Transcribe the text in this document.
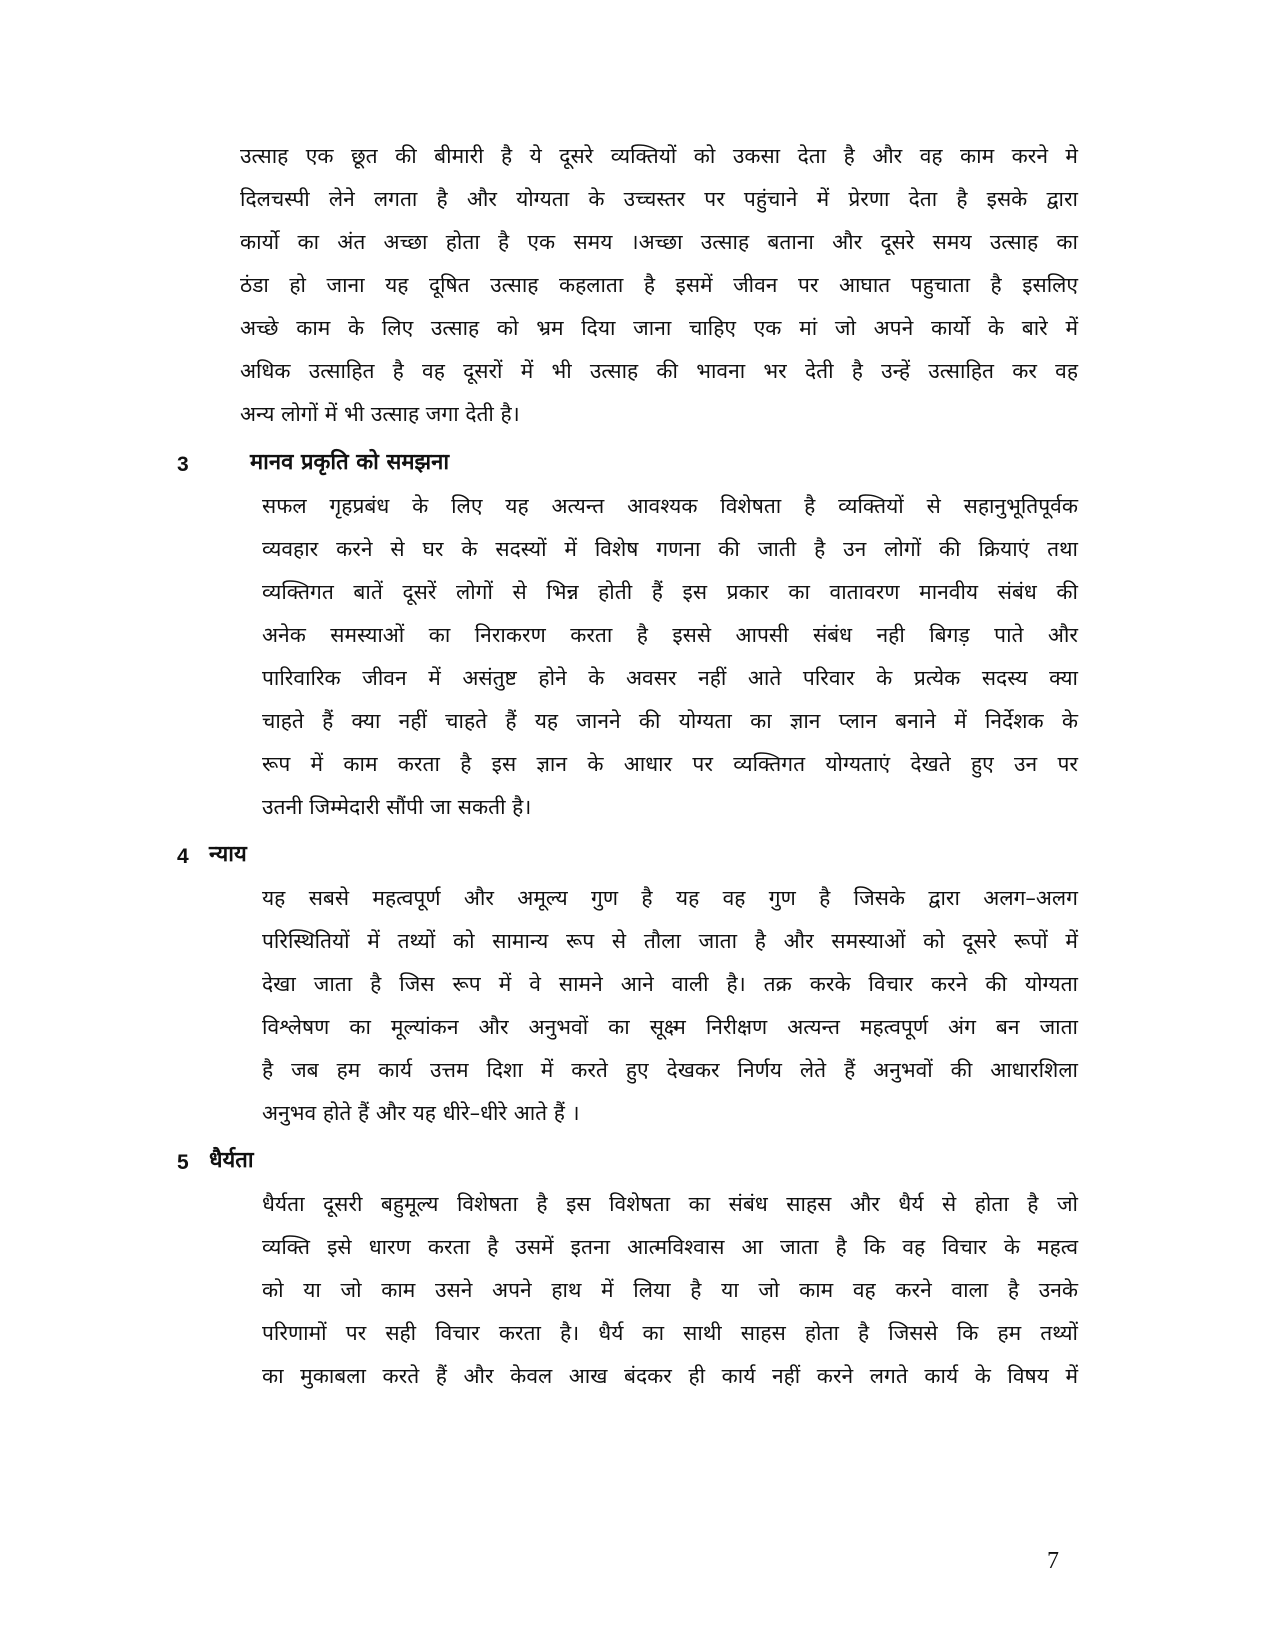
उत्साह एक छूत की बीमारी है ये दूसरे व्यक्तियों को उकसा देता है और वह काम करने मे
दिलचस्पी लेने लगता है और योग्यता के उच्चस्तर पर पहुंचाने में प्रेरणा देता है इसके द्वारा
कार्यो का अंत अच्छा होता है एक समय ।अच्छा उत्साह बताना और दूसरे समय उत्साह का
ठंडा हो जाना यह दूषित उत्साह कहलाता है इसमें जीवन पर आघात पहुचाता है इसलिए
अच्छे काम के लिए उत्साह को भ्रम दिया जाना चाहिए एक मां जो अपने कार्यो के बारे में
अधिक उत्साहित है वह दूसरों में भी उत्साह की भावना भर देती है उन्हें उत्साहित कर वह
अन्य लोगों में भी उत्साह जगा देती है।
3	मानव प्रकृति को समझना
सफल गृहप्रबंध के लिए यह अत्यन्त आवश्यक विशेषता है व्यक्तियों से सहानुभूतिपूर्वक
व्यवहार करने से घर के सदस्यों में विशेष गणना की जाती है उन लोगों की क्रियाएं तथा
व्यक्तिगत बातें दूसरें लोगों से भिन्न होती हैं इस प्रकार का वातावरण मानवीय संबंध की
अनेक समस्याओं का निराकरण करता है इससे आपसी संबंध नही बिगड़ पाते और
पारिवारिक जीवन में असंतुष्ट होने के अवसर नहीं आते परिवार के प्रत्येक सदस्य क्या
चाहते हैं क्या नहीं चाहते हैं यह जानने की योग्यता का ज्ञान प्लान बनाने में निर्देशक के
रूप में काम करता है इस ज्ञान के आधार पर व्यक्तिगत योग्यताएं देखते हुए उन पर
उतनी जिम्मेदारी सौंपी जा सकती है।
4 न्याय
यह सबसे महत्वपूर्ण और अमूल्य गुण है यह वह गुण है जिसके द्वारा अलग–अलग
परिस्थितियों में तथ्यों को सामान्य रूप से तौला जाता है और समस्याओं को दूसरे रूपों में
देखा जाता है जिस रूप में वे सामने आने वाली है। तक्र करके विचार करने की योग्यता
विश्लेषण का मूल्यांकन और अनुभवों का सूक्ष्म निरीक्षण अत्यन्त महत्वपूर्ण अंग बन जाता
है जब हम कार्य उत्तम दिशा में करते हुए देखकर निर्णय लेते हैं अनुभवों की आधारशिला
अनुभव होते हैं और यह धीरे–धीरे आते हैं ।
5 धैर्यता
धैर्यता दूसरी बहुमूल्य विशेषता है इस विशेषता का संबंध साहस और धैर्य से होता है जो
व्यक्ति इसे धारण करता है उसमें इतना आत्मविश्वास आ जाता है कि वह विचार के महत्व
को या जो काम उसने अपने हाथ में लिया है या जो काम वह करने वाला है उनके
परिणामों पर सही विचार करता है। धैर्य का साथी साहस होता है जिससे कि हम तथ्यों
का मुकाबला करते हैं और केवल आख बंदकर ही कार्य नहीं करने लगते कार्य के विषय में
7
